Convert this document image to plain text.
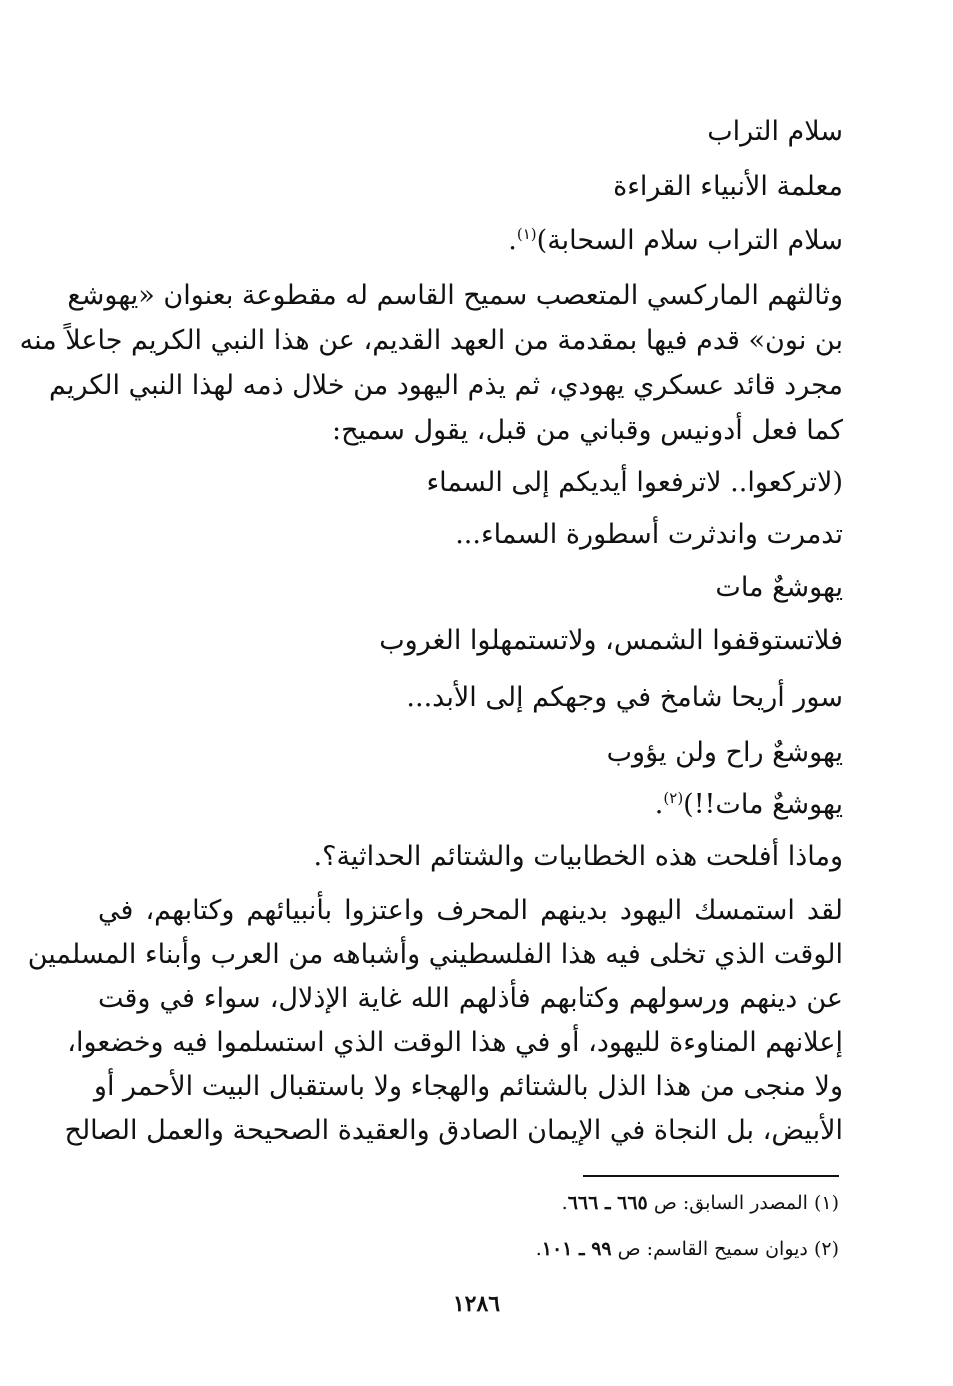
سلام التراب
معلمة الأنبياء القراءة
سلام التراب سلام السحابة)$^{(١)}$.
وثالثهم الماركسي المتعصب سميح القاسم له مقطوعة بعنوان «يهوشع
بن نون» قدم فيها بمقدمة من العهد القديم، عن هذا النبي الكريم جاعلاً منه
مجرد قائد عسكري يهودي، ثم يذم اليهود من خلال ذمه لهذا النبي الكريم
كما فعل أدونيس وقباني من قبل، يقول سميح:
(لاتركعوا.. لاترفعوا أيديكم إلى السماء
تدمرت واندثرت أسطورة السماء...
يهوشعٌ مات
فلاتستوقفوا الشمس، ولاتستمهلوا الغروب
سور أريحا شامخ في وجهكم إلى الأبد...
يهوشعٌ راح ولن يؤوب
يهوشعٌ مات!!)$^{(٢)}$.
وماذا أفلحت هذه الخطابيات والشتائم الحداثية؟.
لقد استمسك اليهود بدينهم المحرف واعتزوا بأنبيائهم وكتابهم، في
الوقت الذي تخلى فيه هذا الفلسطيني وأشباهه من العرب وأبناء المسلمين
عن دينهم ورسولهم وكتابهم فأذلهم الله غاية الإذلال، سواء في وقت
إعلانهم المناوءة لليهود، أو في هذا الوقت الذي استسلموا فيه وخضعوا،
ولا منجى من هذا الذل بالشتائم والهجاء ولا باستقبال البيت الأحمر أو
الأبيض، بل النجاة في الإيمان الصادق والعقيدة الصحيحة والعمل الصالح
(١) المصدر السابق: ص ٦٦٥ ـ ٦٦٦.
(٢) ديوان سميح القاسم: ص ٩٩ ـ ١٠١.
١٢٨٦
